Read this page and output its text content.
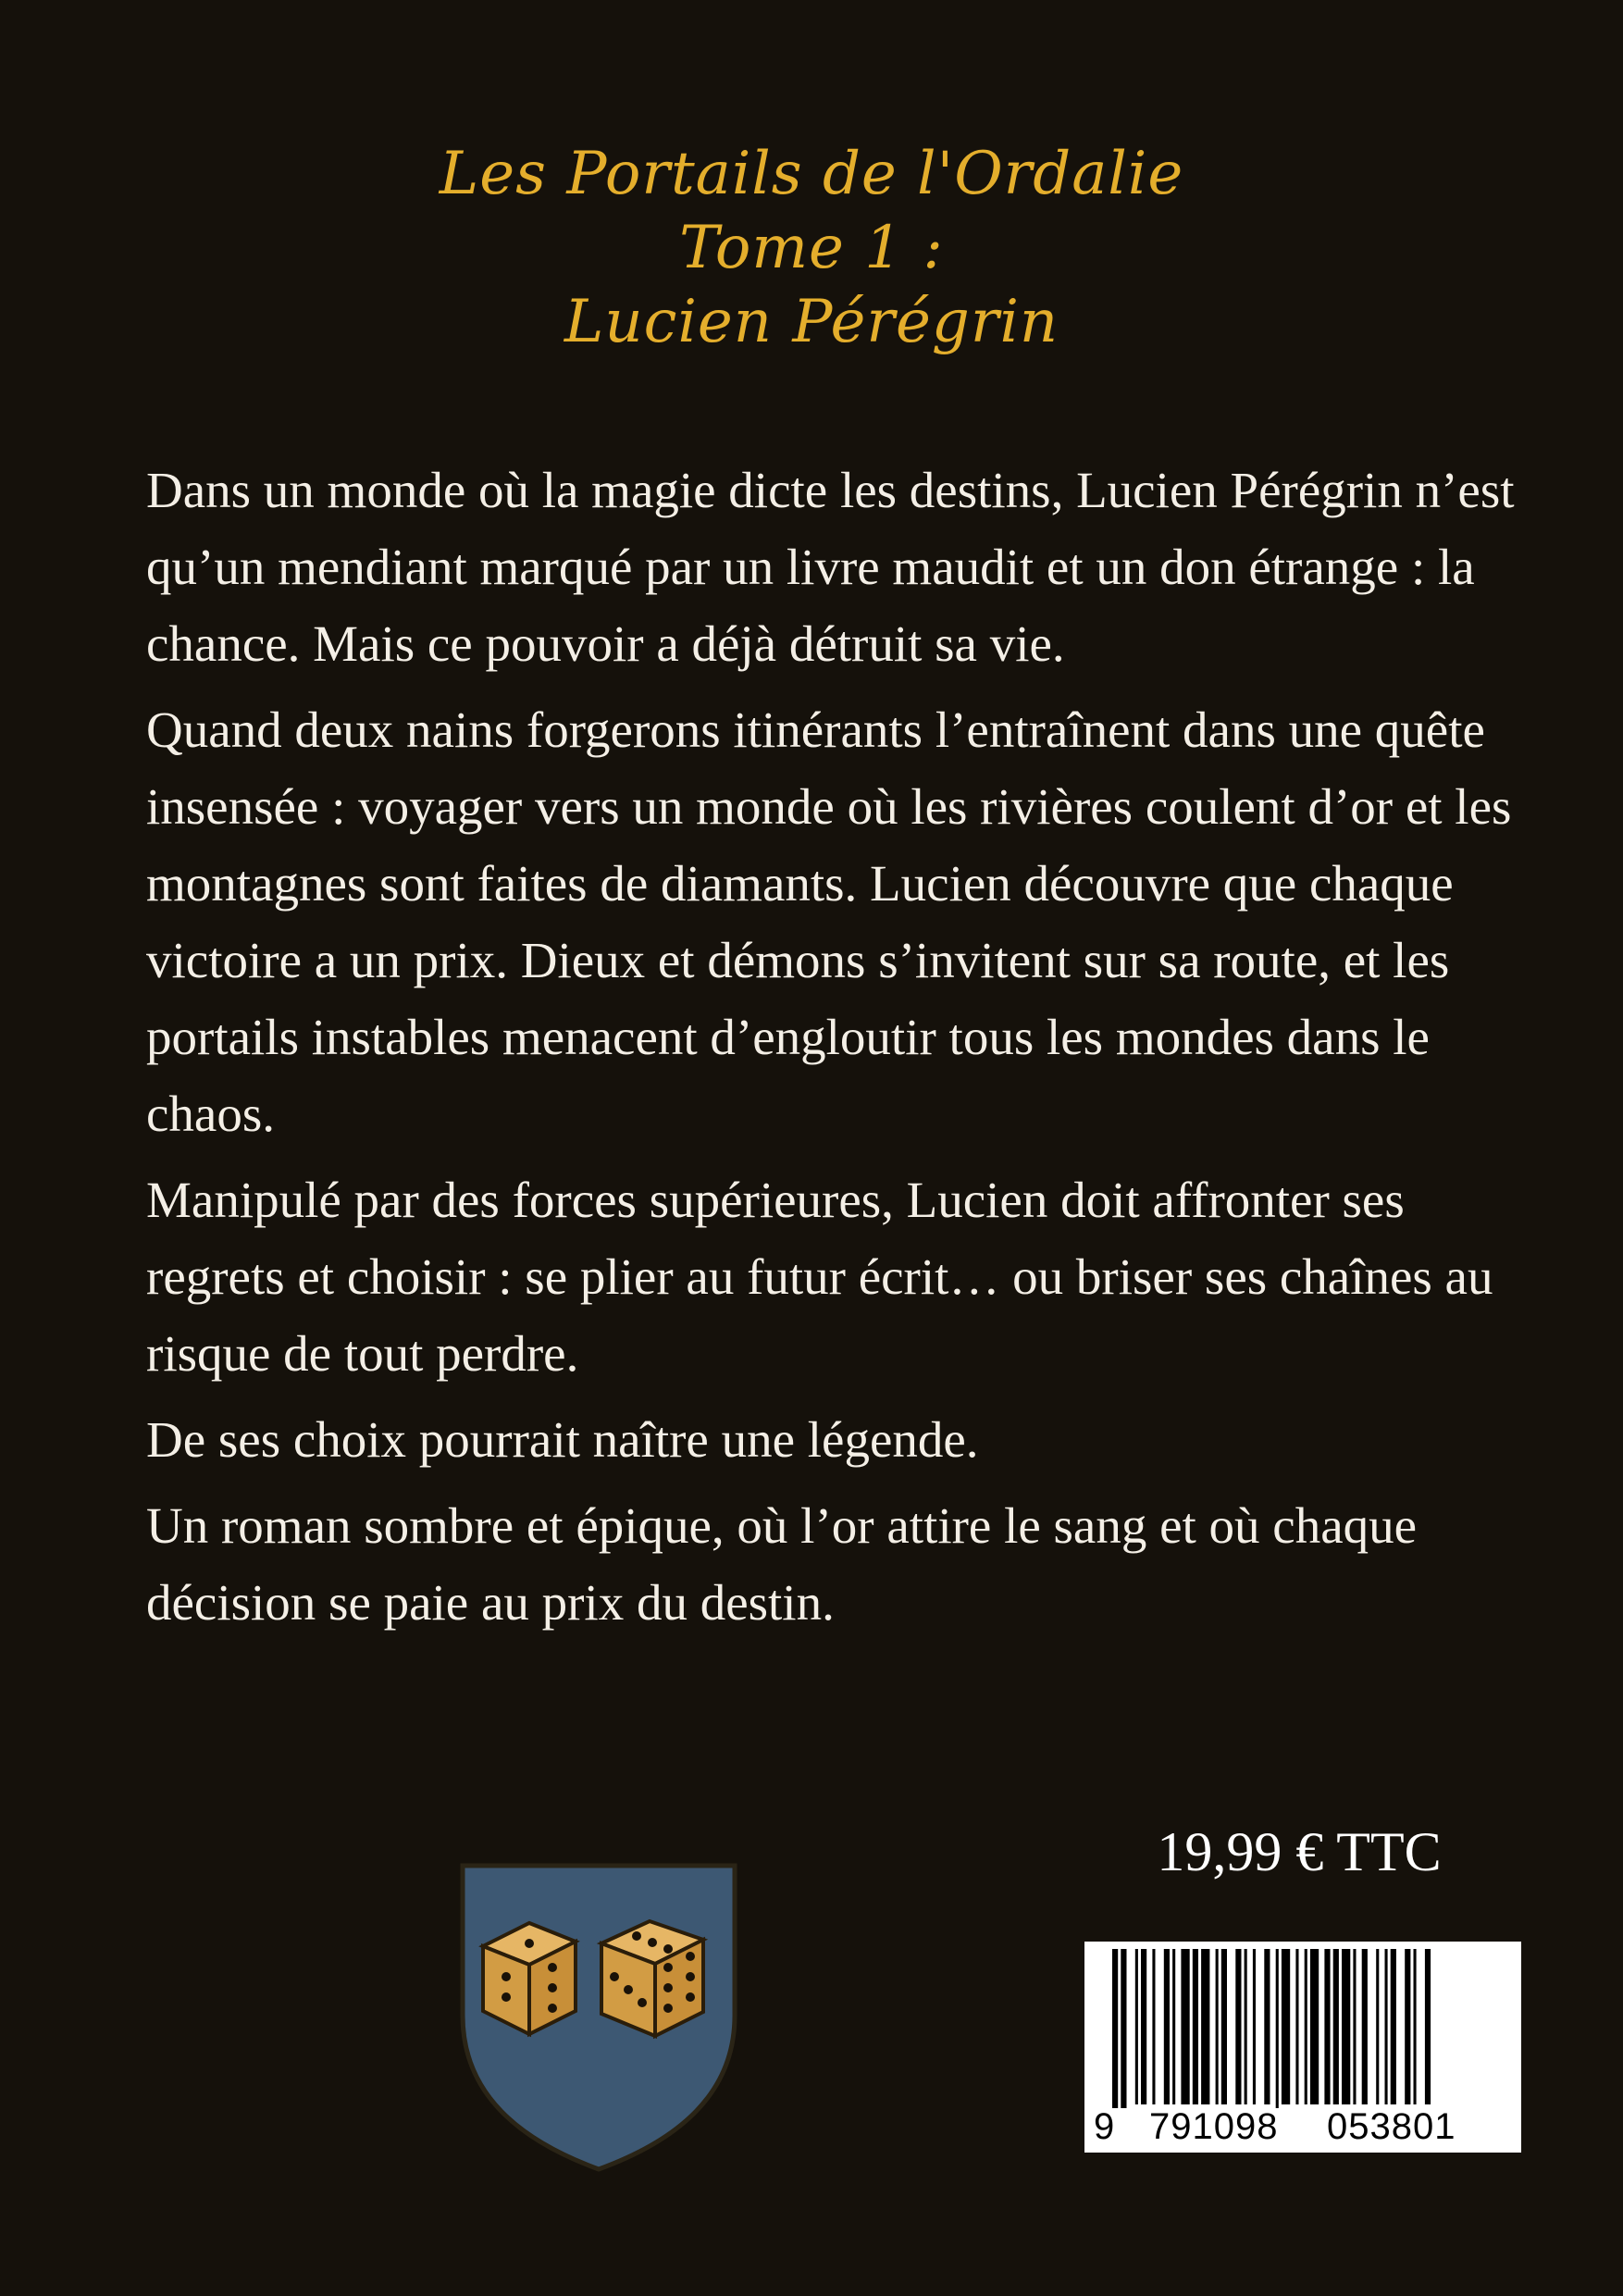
Les Portails de l'Ordalie
Tome 1 :
Lucien Pérégrin

Dans un monde où la magie dicte les destins, Lucien Pérégrin n’est qu’un mendiant marqué par un livre maudit et un don étrange : la chance. Mais ce pouvoir a déjà détruit sa vie.

Quand deux nains forgerons itinérants l’entraînent dans une quête insensée : voyager vers un monde où les rivières coulent d’or et les montagnes sont faites de diamants. Lucien découvre que chaque victoire a un prix. Dieux et démons s’invitent sur sa route, et les portails instables menacent d’engloutir tous les mondes dans le chaos.

Manipulé par des forces supérieures, Lucien doit affronter ses regrets et choisir : se plier au futur écrit… ou briser ses chaînes au risque de tout perdre.

De ses choix pourrait naître une légende.

Un roman sombre et épique, où l’or attire le sang et où chaque décision se paie au prix du destin.

19,99 € TTC
9 791098 053801
